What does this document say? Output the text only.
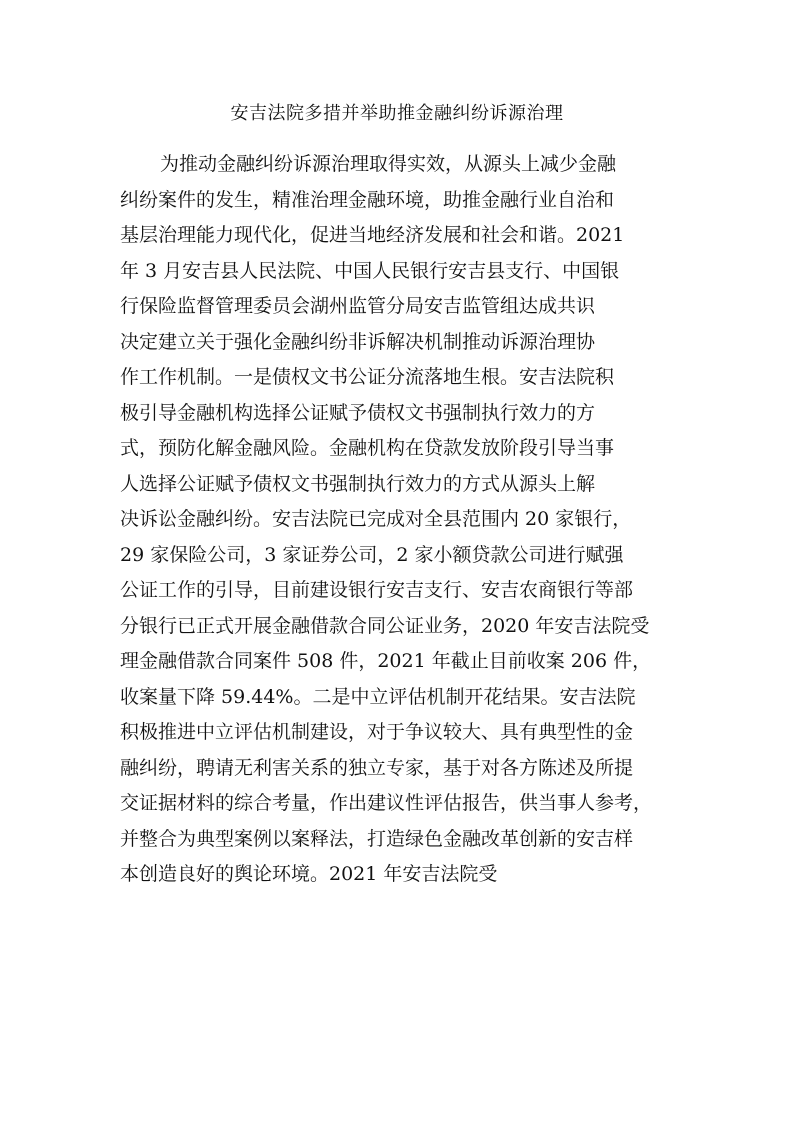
安吉法院多措并举助推金融纠纷诉源治理
为推动金融纠纷诉源治理取得实效，从源头上减少金融
纠纷案件的发生，精准治理金融环境，助推金融行业自治和
基层治理能力现代化，促进当地经济发展和社会和谐。2021
年 3 月安吉县人民法院、中国人民银行安吉县支行、中国银
行保险监督管理委员会湖州监管分局安吉监管组达成共识
决定建立关于强化金融纠纷非诉解决机制推动诉源治理协
作工作机制。一是债权文书公证分流落地生根。安吉法院积
极引导金融机构选择公证赋予债权文书强制执行效力的方
式，预防化解金融风险。金融机构在贷款发放阶段引导当事
人选择公证赋予债权文书强制执行效力的方式从源头上解
决诉讼金融纠纷。安吉法院已完成对全县范围内 20 家银行，
29 家保险公司，3 家证券公司，2 家小额贷款公司进行赋强
公证工作的引导，目前建设银行安吉支行、安吉农商银行等部
分银行已正式开展金融借款合同公证业务，2020 年安吉法院受
理金融借款合同案件 508 件，2021 年截止目前收案 206 件，
收案量下降 59.44%。二是中立评估机制开花结果。安吉法院
积极推进中立评估机制建设，对于争议较大、具有典型性的金
融纠纷，聘请无利害关系的独立专家，基于对各方陈述及所提
交证据材料的综合考量，作出建议性评估报告，供当事人参考，
并整合为典型案例以案释法，打造绿色金融改革创新的安吉样
本创造良好的舆论环境。2021 年安吉法院受
